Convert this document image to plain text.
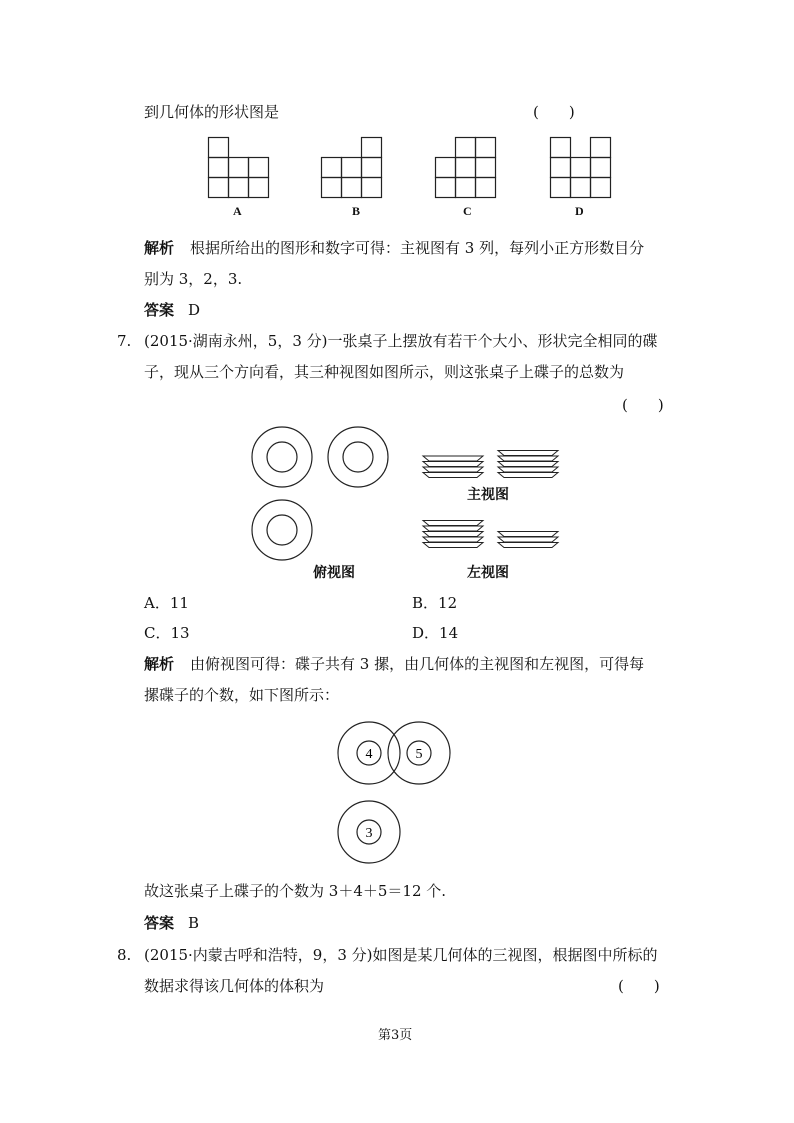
到几何体的形状图是	(　　)
A	B	C	D
解析 根据所给出的图形和数字可得：主视图有 3 列，每列小正方形数目分
别为 3，2，3.
答案 D
7. (2015·湖南永州，5，3 分)一张桌子上摆放有若干个大小、形状完全相同的碟
子，现从三个方向看，其三种视图如图所示，则这张桌子上碟子的总数为
(　　)
俯视图
主视图
左视图
A．11	B．12
C．13	D．14
解析 由俯视图可得：碟子共有 3 摞，由几何体的主视图和左视图，可得每
摞碟子的个数，如下图所示：
4	5
3
故这张桌子上碟子的个数为 3＋4＋5＝12 个.
答案 B
8. (2015·内蒙古呼和浩特，9，3 分)如图是某几何体的三视图，根据图中所标的
数据求得该几何体的体积为	(　　)
第3页
